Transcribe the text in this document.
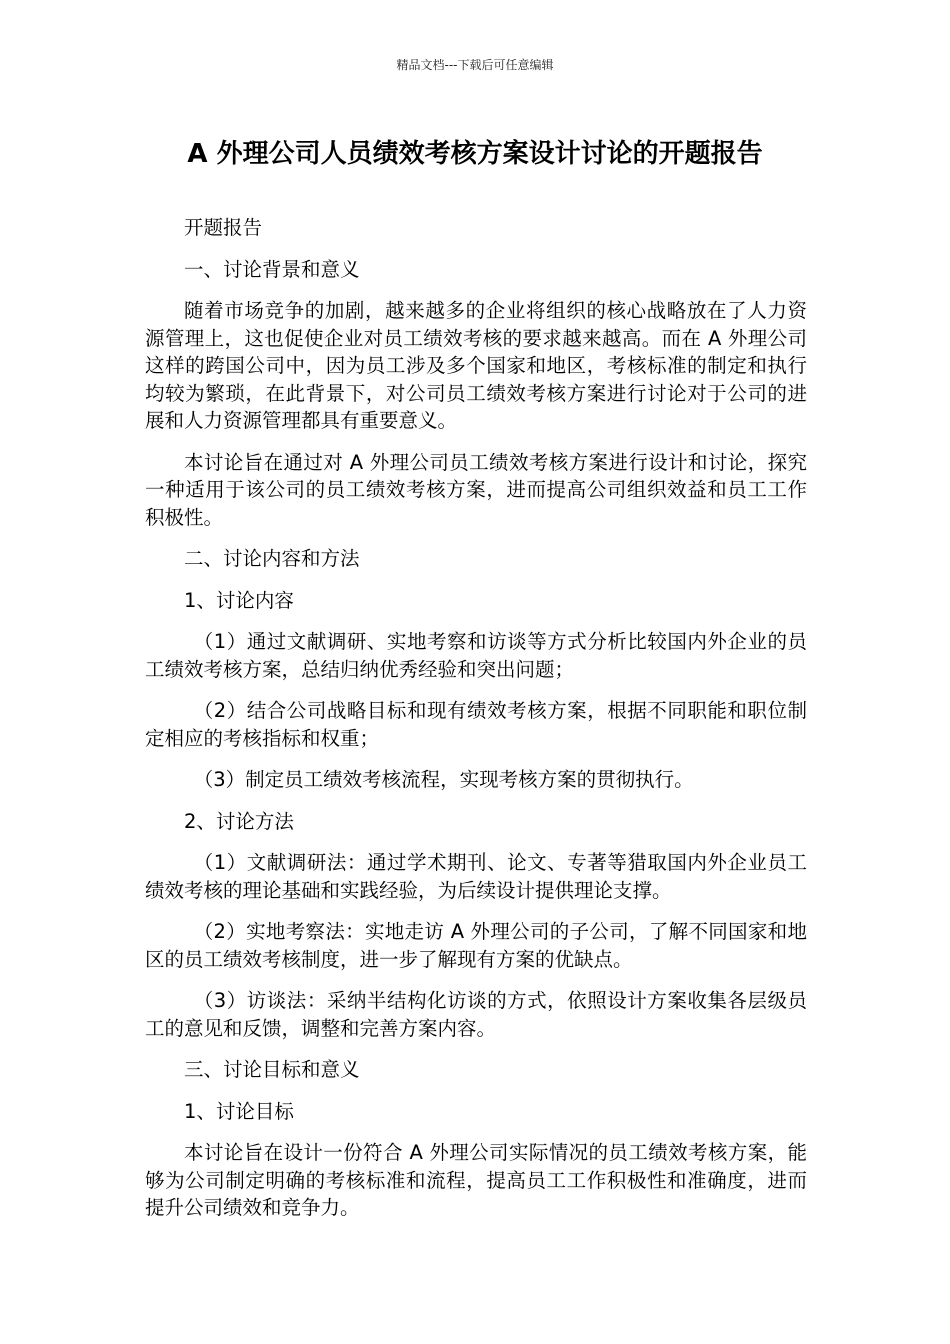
精品文档---下载后可任意编辑
A 外理公司人员绩效考核方案设计讨论的开题报告

开题报告

一、讨论背景和意义

随着市场竞争的加剧，越来越多的企业将组织的核心战略放在了人力资源管理上，这也促使企业对员工绩效考核的要求越来越高。而在 A 外理公司这样的跨国公司中，因为员工涉及多个国家和地区，考核标准的制定和执行均较为繁琐，在此背景下，对公司员工绩效考核方案进行讨论对于公司的进展和人力资源管理都具有重要意义。

本讨论旨在通过对 A 外理公司员工绩效考核方案进行设计和讨论，探究一种适用于该公司的员工绩效考核方案，进而提高公司组织效益和员工工作积极性。

二、讨论内容和方法

1、讨论内容

（1）通过文献调研、实地考察和访谈等方式分析比较国内外企业的员工绩效考核方案，总结归纳优秀经验和突出问题；

（2）结合公司战略目标和现有绩效考核方案，根据不同职能和职位制定相应的考核指标和权重；

（3）制定员工绩效考核流程，实现考核方案的贯彻执行。

2、讨论方法

（1）文献调研法：通过学术期刊、论文、专著等猎取国内外企业员工绩效考核的理论基础和实践经验，为后续设计提供理论支撑。

（2）实地考察法：实地走访 A 外理公司的子公司，了解不同国家和地区的员工绩效考核制度，进一步了解现有方案的优缺点。

（3）访谈法：采纳半结构化访谈的方式，依照设计方案收集各层级员工的意见和反馈，调整和完善方案内容。

三、讨论目标和意义

1、讨论目标

本讨论旨在设计一份符合 A 外理公司实际情况的员工绩效考核方案，能够为公司制定明确的考核标准和流程，提高员工工作积极性和准确度，进而提升公司绩效和竞争力。
